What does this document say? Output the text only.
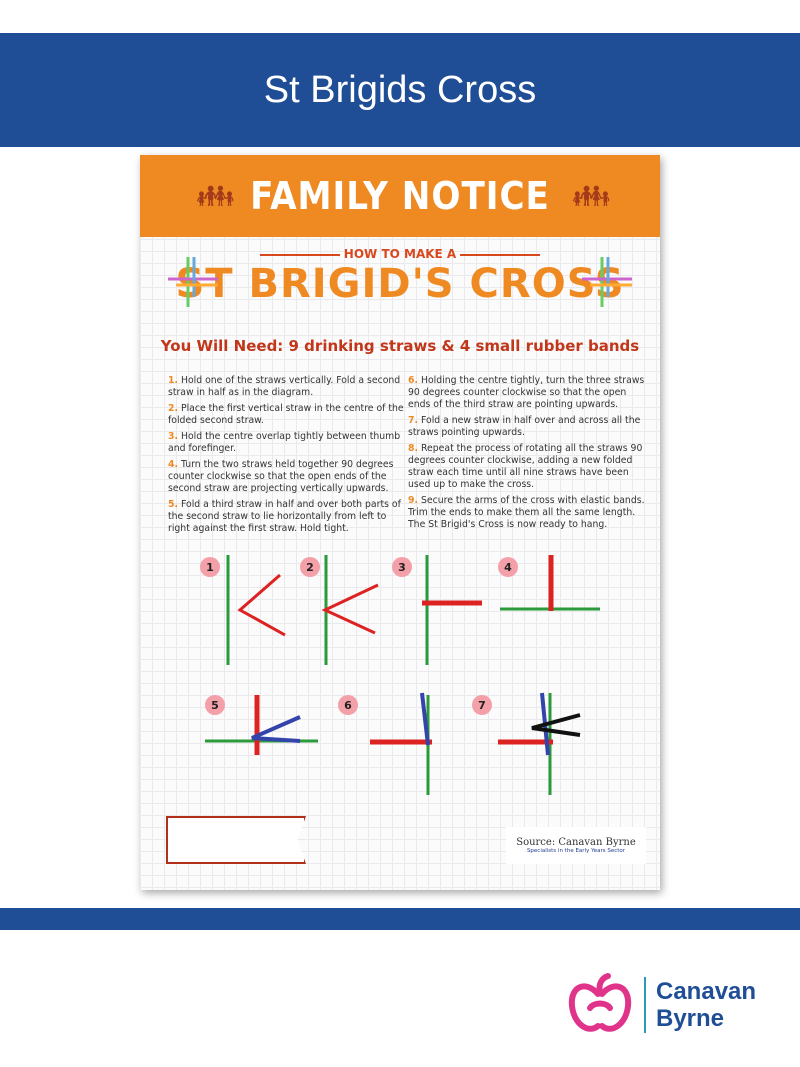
St Brigids Cross
👪︎ FAMILY NOTICE 👪︎
HOW TO MAKE A
ST BRIGID'S CROSS
You Will Need: 9 drinking straws & 4 small rubber bands

1. Hold one of the straws vertically. Fold a second straw in half as in the diagram.

2. Place the first vertical straw in the centre of the folded second straw.

3. Hold the centre overlap tightly between thumb and forefinger.

4. Turn the two straws held together 90 degrees counter clockwise so that the open ends of the second straw are projecting vertically upwards.

5. Fold a third straw in half and over both parts of the second straw to lie horizontally from left to right against the first straw. Hold tight.

6. Holding the centre tightly, turn the three straws 90 degrees counter clockwise so that the open ends of the third straw are pointing upwards.

7. Fold a new straw in half over and across all the straws pointing upwards.

8. Repeat the process of rotating all the straws 90 degrees counter clockwise, adding a new folded straw each time until all nine straws have been used up to make the cross.

9. Secure the arms of the cross with elastic bands. Trim the ends to make them all the same length. The St Brigid's Cross is now ready to hang.

1	2	3	4
5	6	7
Source: Canavan Byrne
Specialists in the Early Years Sector
Canavan
Byrne
